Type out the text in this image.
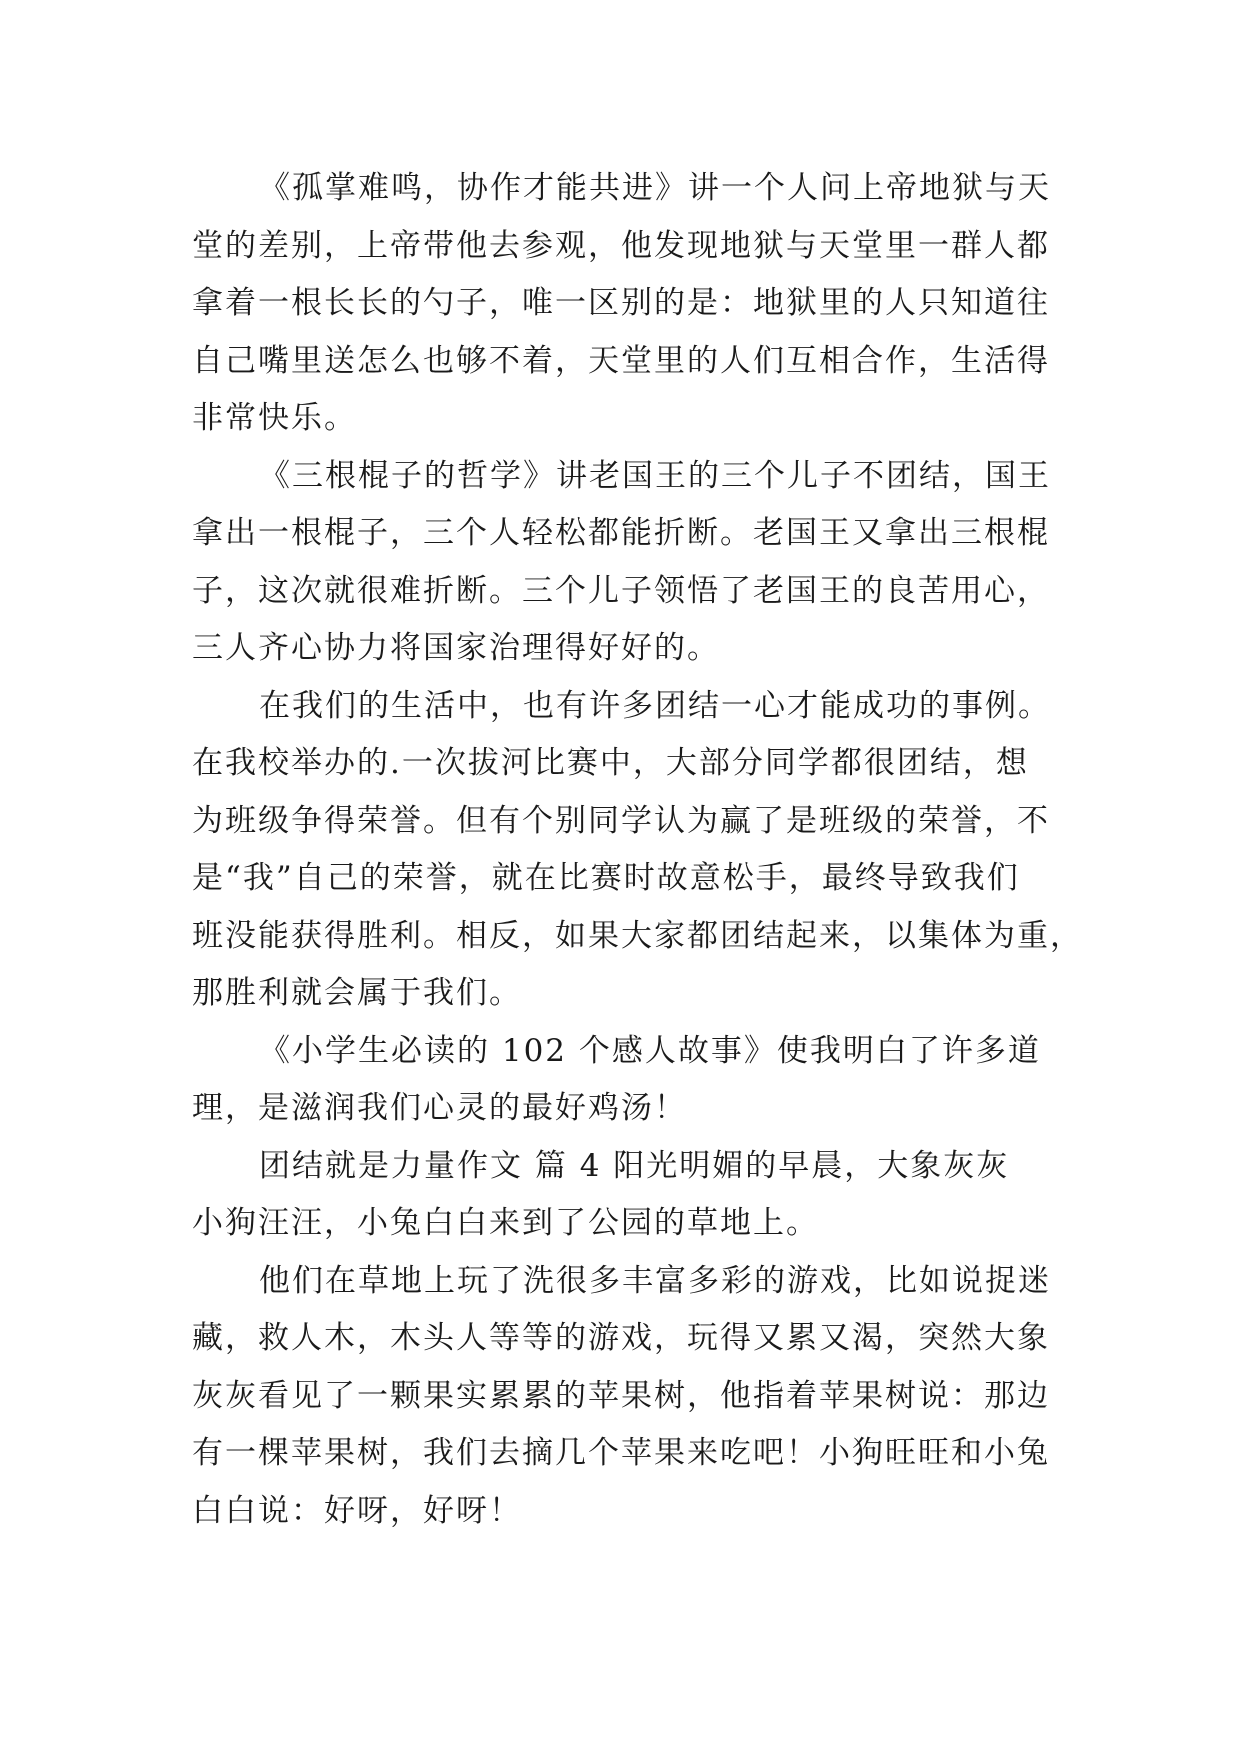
《孤掌难鸣，协作才能共进》讲一个人问上帝地狱与天
堂的差别，上帝带他去参观，他发现地狱与天堂里一群人都
拿着一根长长的勺子，唯一区别的是：地狱里的人只知道往
自己嘴里送怎么也够不着，天堂里的人们互相合作，生活得
非常快乐。
《三根棍子的哲学》讲老国王的三个儿子不团结，国王
拿出一根棍子，三个人轻松都能折断。老国王又拿出三根棍
子，这次就很难折断。三个儿子领悟了老国王的良苦用心，
三人齐心协力将国家治理得好好的。
在我们的生活中，也有许多团结一心才能成功的事例。
在我校举办的.一次拔河比赛中，大部分同学都很团结，想
为班级争得荣誉。但有个别同学认为赢了是班级的荣誉，不
是“我”自己的荣誉，就在比赛时故意松手，最终导致我们
班没能获得胜利。相反，如果大家都团结起来，以集体为重，
那胜利就会属于我们。
《小学生必读的 102 个感人故事》使我明白了许多道
理，是滋润我们心灵的最好鸡汤！
团结就是力量作文 篇 4 阳光明媚的早晨，大象灰灰
小狗汪汪，小兔白白来到了公园的草地上。
他们在草地上玩了洗很多丰富多彩的游戏，比如说捉迷
藏，救人木，木头人等等的游戏，玩得又累又渴，突然大象
灰灰看见了一颗果实累累的苹果树，他指着苹果树说：那边
有一棵苹果树，我们去摘几个苹果来吃吧！小狗旺旺和小兔
白白说：好呀，好呀！
